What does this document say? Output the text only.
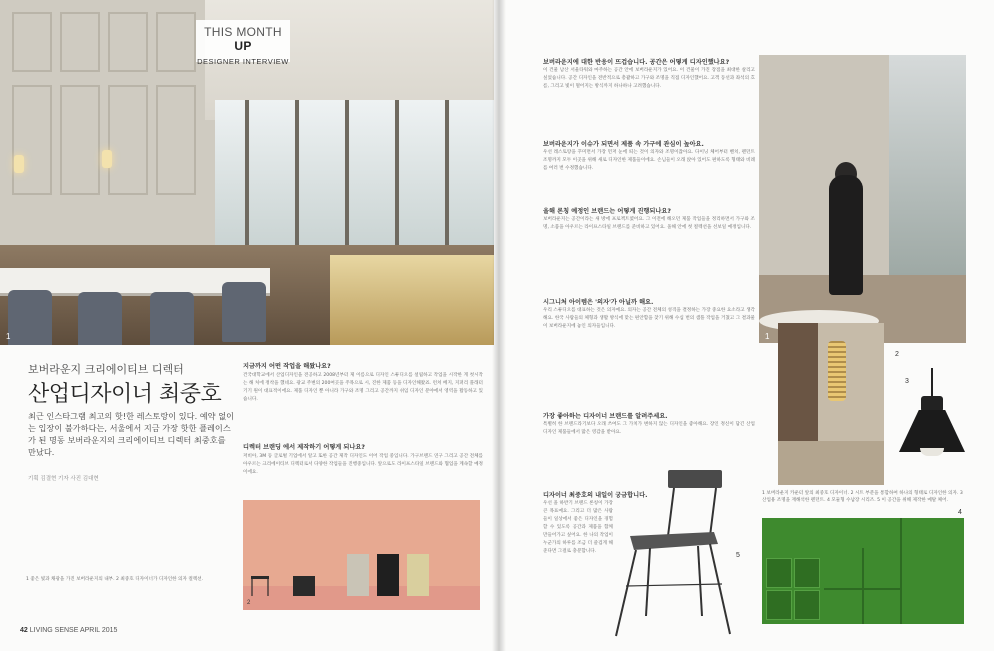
THIS MONTH UP
DESIGNER INTERVIEW
1
보버라운지 크리에이티브 디렉터
산업디자이너 최중호
최근 인스타그램 최고의 핫!한 레스토랑이 있다. 예약 없이는 입장이 불가하다는, 서울에서 지금 가장 핫한 플레이스가 된 명동 보버라운지의 크리에이티브 디렉터 최중호를 만났다.
기획 김결현 기자 사진 김대현
지금까지 어떤 작업을 해왔나요?
건국대학교에서 산업디자인을 전공하고 2008년부터 제 이름으로 디자인 스튜디오를 설립하고 작업을 시작한 게 첫시작는 해 처에 정착을 했네요. 광교 주변의 200여곳을 주목으로 시, 진한 제품 등을 디자인해왔죠. 런쳐 베지, 지퍼리 플래터 기기 원이 대표적이에요. 제품 디자인 뿐 아니라 가구와 조명 그리고 공간까지 쉬임 디자인 분야에서 영역을 활동하고 있습니다.
디렉터 브랜딩 에서 제작하기 어떻게 되나요?
저비아, 3M 등 글로벌 기업에서 알고 또한 공간 제작 디자인도 이어 작업 중입니다. 가구브랜드 연구 그리고 공간 전체를 아우르는 크리에이티브 디렉터로서 다양한 작업들을 진행중입니다. 앞으로도 라이프스타일 브랜드와 협업을 계속할 예정이에요.
2
1 좋은 빛과 채광을 가진 보버라운지의 내부. 2 최중호 디자이너가 디자인한 의자 컬렉션.
42 LIVING SENSE APRIL 2015
보버라운지에 대한 반응이 뜨겁습니다. 공간은 어떻게 디자인했나요?
이 건물 남산 서울타워와 마주하는 공간 안에 보버라운지가 있어요. 이 건물이 가진 장점을 최대한 살리고 싶었습니다. 공간 디자인을 전반적으로 총괄하고 가구와 조명을 직접 디자인했어요. 고객 동선과 좌석의 흐름, 그리고 빛이 떨어지는 방식까지 하나하나 고려했습니다.
보버라운지가 이슈가 되면서 제품 속 가구에 관심이 높아요.
우선 레스토랑을 꾸미면서 가장 먼저 눈에 띄는 것이 의자와 조명이잖아요. 다이닝 체어부터 벤치, 펜던트 조명까지 모두 이곳을 위해 새로 디자인한 제품들이에요. 손님들이 오래 앉아 있어도 편하도록 형태와 비례를 여러 번 수정했습니다.
올해 론칭 예정인 브랜드는 어떻게 진행되나요?
보버라운지는 공간이라는 새 방에 프로젝트였어요. 그 이전에 해오던 제품 작업들을 정리하면서 가구와 조명, 소품을 아우르는 라이프스타일 브랜드를 준비하고 있어요. 올해 안에 첫 컬렉션을 선보일 예정입니다.
시그니처 아이템은 '의자'가 아닐까 해요.
우리 스튜디오를 대표하는 것은 의자예요. 의자는 공간 전체의 성격을 결정하는 가장 중요한 요소라고 생각해요. 한국 사람들의 체형과 생활 방식에 맞는 편안함을 찾기 위해 수십 번의 샘플 작업을 거쳤고 그 결과물이 보버라운지에 놓인 의자들입니다.
가장 좋아하는 디자이너 브랜드를 알려주세요.
특별히 한 브랜드라기보다 오래 쓰여도 그 가치가 변하지 않는 디자인을 좋아해요. 장인 정신이 담긴 산업디자인 제품들에서 많은 영감을 받아요.
디자이너 최중호의 내일이 궁금합니다.
우선 올 하반기 브랜드 론칭이 가장 큰 목표예요. 그리고 더 많은 사람들이 일상에서 좋은 디자인을 경험할 수 있도록 공간과 제품을 함께 만들어가고 싶어요. 한 나의 작업이 누군가의 하루를 조금 더 즐겁게 해준다면 그걸로 충분합니다.
1
2
3
1 보버라운지 카운터 앞의 최중호 디자이너. 2 시트 부분을 통합하여 하나의 형태로 디자인한 의자. 3 산업용 조명을 재해석한 펜던트. 4 모듈형 수납장 시리즈. 5 이 공간을 위해 제작한 메탈 체어.
4
5
